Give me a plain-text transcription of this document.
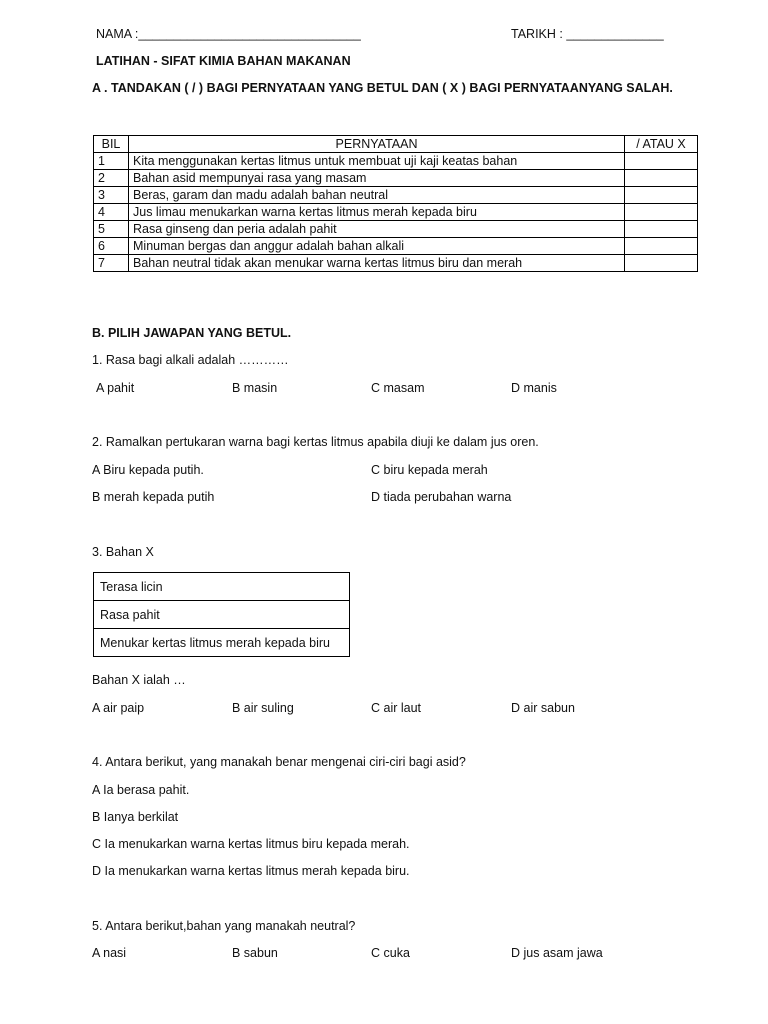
NAMA :________________________________	TARIKH : ______________
LATIHAN - SIFAT KIMIA BAHAN MAKANAN
A . TANDAKAN ( / ) BAGI PERNYATAAN YANG BETUL DAN ( X ) BAGI PERNYATAANYANG SALAH.
BIL	PERNYATAAN	/ ATAU X
1	Kita menggunakan kertas litmus untuk membuat uji kaji keatas bahan	
2	Bahan asid mempunyai rasa yang masam	
3	Beras, garam dan madu adalah bahan neutral	
4	Jus limau menukarkan warna kertas litmus merah kepada biru	
5	Rasa ginseng dan peria adalah pahit	
6	Minuman bergas dan anggur adalah bahan alkali	
7	Bahan neutral tidak akan menukar warna kertas litmus biru dan merah	
B. PILIH JAWAPAN YANG BETUL.
1. Rasa bagi alkali adalah …………
A pahit	B masin	C masam	D manis
2. Ramalkan pertukaran warna bagi kertas litmus apabila diuji ke dalam jus oren.
A Biru kepada putih.	C biru kepada merah
B merah kepada putih	D tiada perubahan warna
3. Bahan X
Terasa licin
Rasa pahit
Menukar kertas litmus merah kepada biru
Bahan X ialah …
A air paip	B air suling	C air laut	D air sabun
4. Antara berikut, yang manakah benar mengenai ciri-ciri bagi asid?
A Ia berasa pahit.
B Ianya berkilat
C Ia menukarkan warna kertas litmus biru kepada merah.
D Ia menukarkan warna kertas litmus merah kepada biru.
5. Antara berikut,bahan yang manakah neutral?
A nasi	B sabun	C cuka	D jus asam jawa
